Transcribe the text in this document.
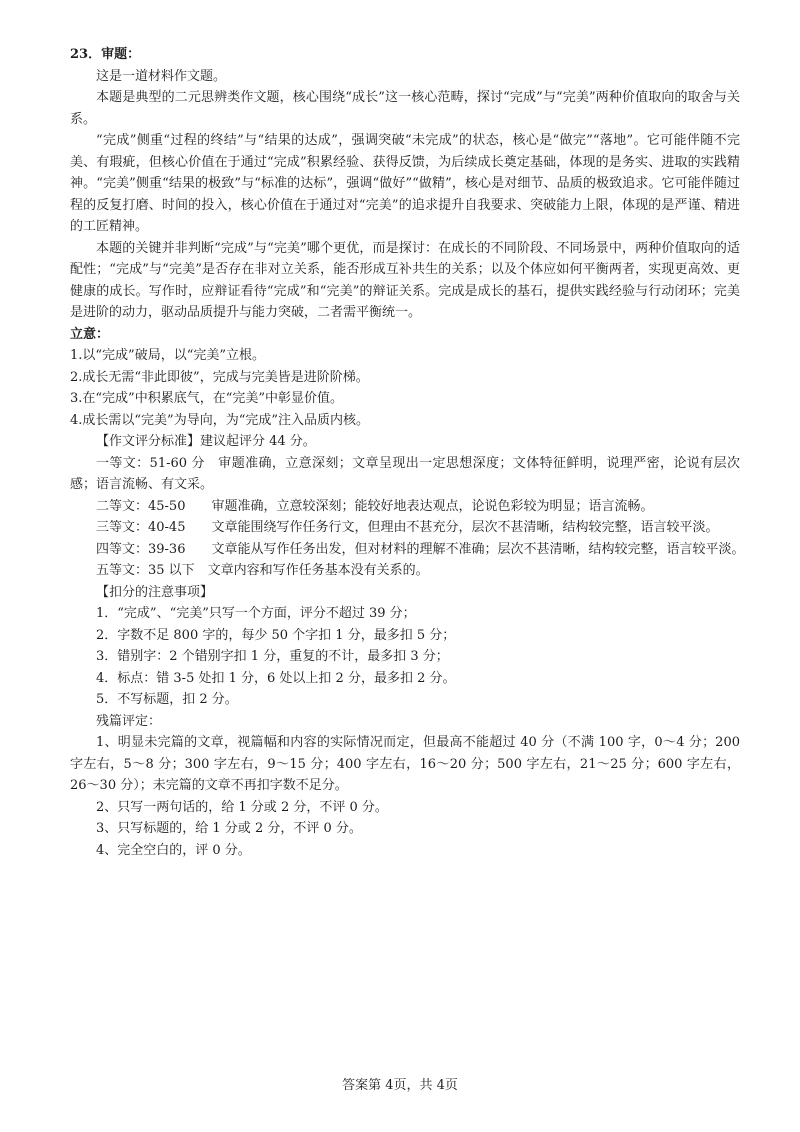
23．审题：

这是一道材料作文题。

本题是典型的二元思辨类作文题，核心围绕“成长”这一核心范畴，探讨“完成”与“完美”两种价值取向的取舍与关系。

“完成”侧重“过程的终结”与“结果的达成”，强调突破“未完成”的状态，核心是“做完”“落地”。它可能伴随不完美、有瑕疵，但核心价值在于通过“完成”积累经验、获得反馈，为后续成长奠定基础，体现的是务实、进取的实践精神。“完美”侧重“结果的极致”与“标准的达标”，强调“做好”“做精”，核心是对细节、品质的极致追求。它可能伴随过程的反复打磨、时间的投入，核心价值在于通过对“完美”的追求提升自我要求、突破能力上限，体现的是严谨、精进的工匠精神。

本题的关键并非判断“完成”与“完美”哪个更优，而是探讨：在成长的不同阶段、不同场景中，两种价值取向的适配性；“完成”与“完美”是否存在非对立关系，能否形成互补共生的关系；以及个体应如何平衡两者，实现更高效、更健康的成长。写作时，应辩证看待“完成”和“完美”的辩证关系。完成是成长的基石，提供实践经验与行动闭环；完美是进阶的动力，驱动品质提升与能力突破，二者需平衡统一。

立意：

1.以“完成”破局，以“完美”立根。

2.成长无需“非此即彼”，完成与完美皆是进阶阶梯。

3.在“完成”中积累底气，在“完美”中彰显价值。

4.成长需以“完美”为导向，为“完成”注入品质内核。

【作文评分标准】建议起评分 44 分。

一等文：51-60 分　审题准确，立意深刻；文章呈现出一定思想深度；文体特征鲜明，说理严密，论说有层次感；语言流畅、有文采。

二等文：45-50　　审题准确，立意较深刻；能较好地表达观点，论说色彩较为明显；语言流畅。

三等文：40-45　　文章能围绕写作任务行文，但理由不甚充分，层次不甚清晰，结构较完整，语言较平淡。

四等文：39-36　　文章能从写作任务出发，但对材料的理解不准确；层次不甚清晰，结构较完整，语言较平淡。

五等文：35 以下　文章内容和写作任务基本没有关系的。

【扣分的注意事项】

1．“完成”、“完美”只写一个方面，评分不超过 39 分；

2．字数不足 800 字的，每少 50 个字扣 1 分，最多扣 5 分；

3．错别字：2 个错别字扣 1 分，重复的不计，最多扣 3 分；

4．标点：错 3-5 处扣 1 分，6 处以上扣 2 分，最多扣 2 分。

5．不写标题，扣 2 分。

残篇评定：

1、明显未完篇的文章，视篇幅和内容的实际情况而定，但最高不能超过 40 分（不满 100 字，0～4 分；200 字左右，5～8 分；300 字左右，9～15 分；400 字左右，16～20 分；500 字左右，21～25 分；600 字左右，26～30 分）；未完篇的文章不再扣字数不足分。

2、只写一两句话的，给 1 分或 2 分，不评 0 分。

3、只写标题的，给 1 分或 2 分，不评 0 分。

4、完全空白的，评 0 分。

答案第 4页，共 4页
